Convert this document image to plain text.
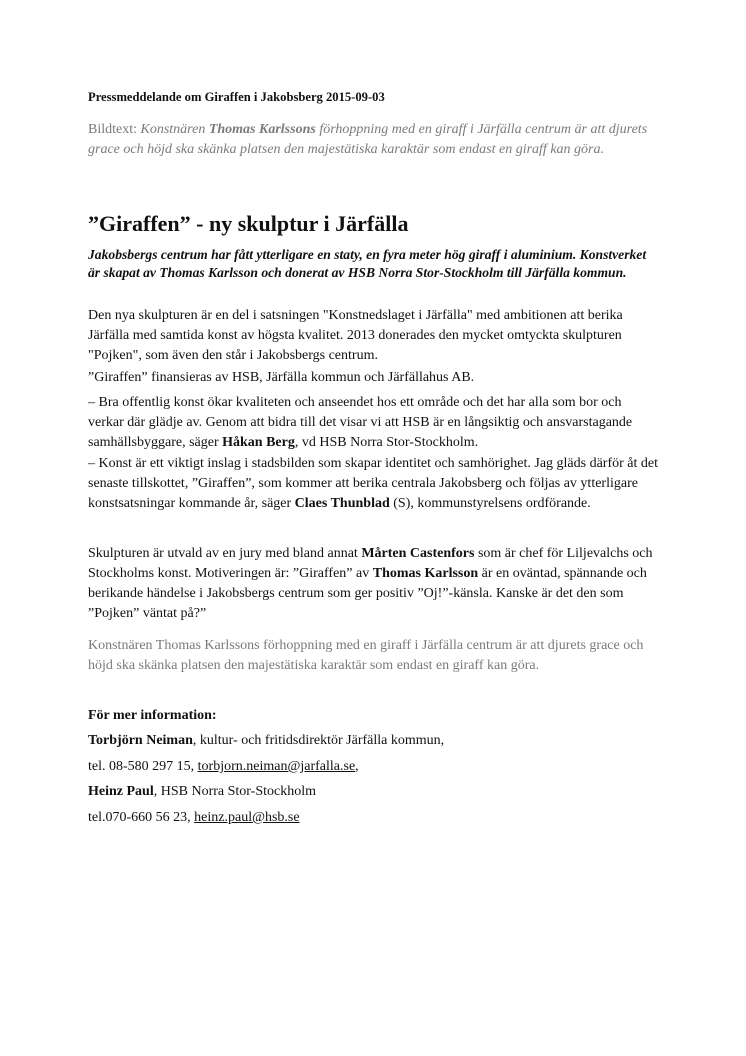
Pressmeddelande om Giraffen i Jakobsberg 2015-09-03

Bildtext: Konstnären Thomas Karlssons förhoppning med en giraff i Järfälla centrum är att djurets grace och höjd ska skänka platsen den majestätiska karaktär som endast en giraff kan göra.

”Giraffen” - ny skulptur i Järfälla

Jakobsbergs centrum har fått ytterligare en staty, en fyra meter hög giraff i aluminium. Konstverket är skapat av Thomas Karlsson och donerat av HSB Norra Stor-Stockholm till Järfälla kommun.

Den nya skulpturen är en del i satsningen "Konstnedslaget i Järfälla" med ambitionen att berika Järfälla med samtida konst av högsta kvalitet. 2013 donerades den mycket omtyckta skulpturen "Pojken", som även den står i Jakobsbergs centrum.

”Giraffen” finansieras av HSB, Järfälla kommun och Järfällahus AB.

– Bra offentlig konst ökar kvaliteten och anseendet hos ett område och det har alla som bor och verkar där glädje av. Genom att bidra till det visar vi att HSB är en långsiktig och ansvarstagande samhällsbyggare, säger Håkan Berg, vd HSB Norra Stor-Stockholm.

– Konst är ett viktigt inslag i stadsbilden som skapar identitet och samhörighet. Jag gläds därför åt det senaste tillskottet, ”Giraffen”, som kommer att berika centrala Jakobsberg och följas av ytterligare konstsatsningar kommande år, säger Claes Thunblad (S), kommunstyrelsens ordförande.

Skulpturen är utvald av en jury med bland annat Mårten Castenfors som är chef för Liljevalchs och Stockholms konst. Motiveringen är: ”Giraffen” av Thomas Karlsson är en oväntad, spännande och berikande händelse i Jakobsbergs centrum som ger positiv ”Oj!”-känsla. Kanske är det den som ”Pojken” väntat på?”

Konstnären Thomas Karlssons förhoppning med en giraff i Järfälla centrum är att djurets grace och höjd ska skänka platsen den majestätiska karaktär som endast en giraff kan göra.

För mer information:

Torbjörn Neiman, kultur- och fritidsdirektör Järfälla kommun,

tel. 08-580 297 15, torbjorn.neiman@jarfalla.se,

Heinz Paul, HSB Norra Stor-Stockholm

tel.070-660 56 23, heinz.paul@hsb.se
